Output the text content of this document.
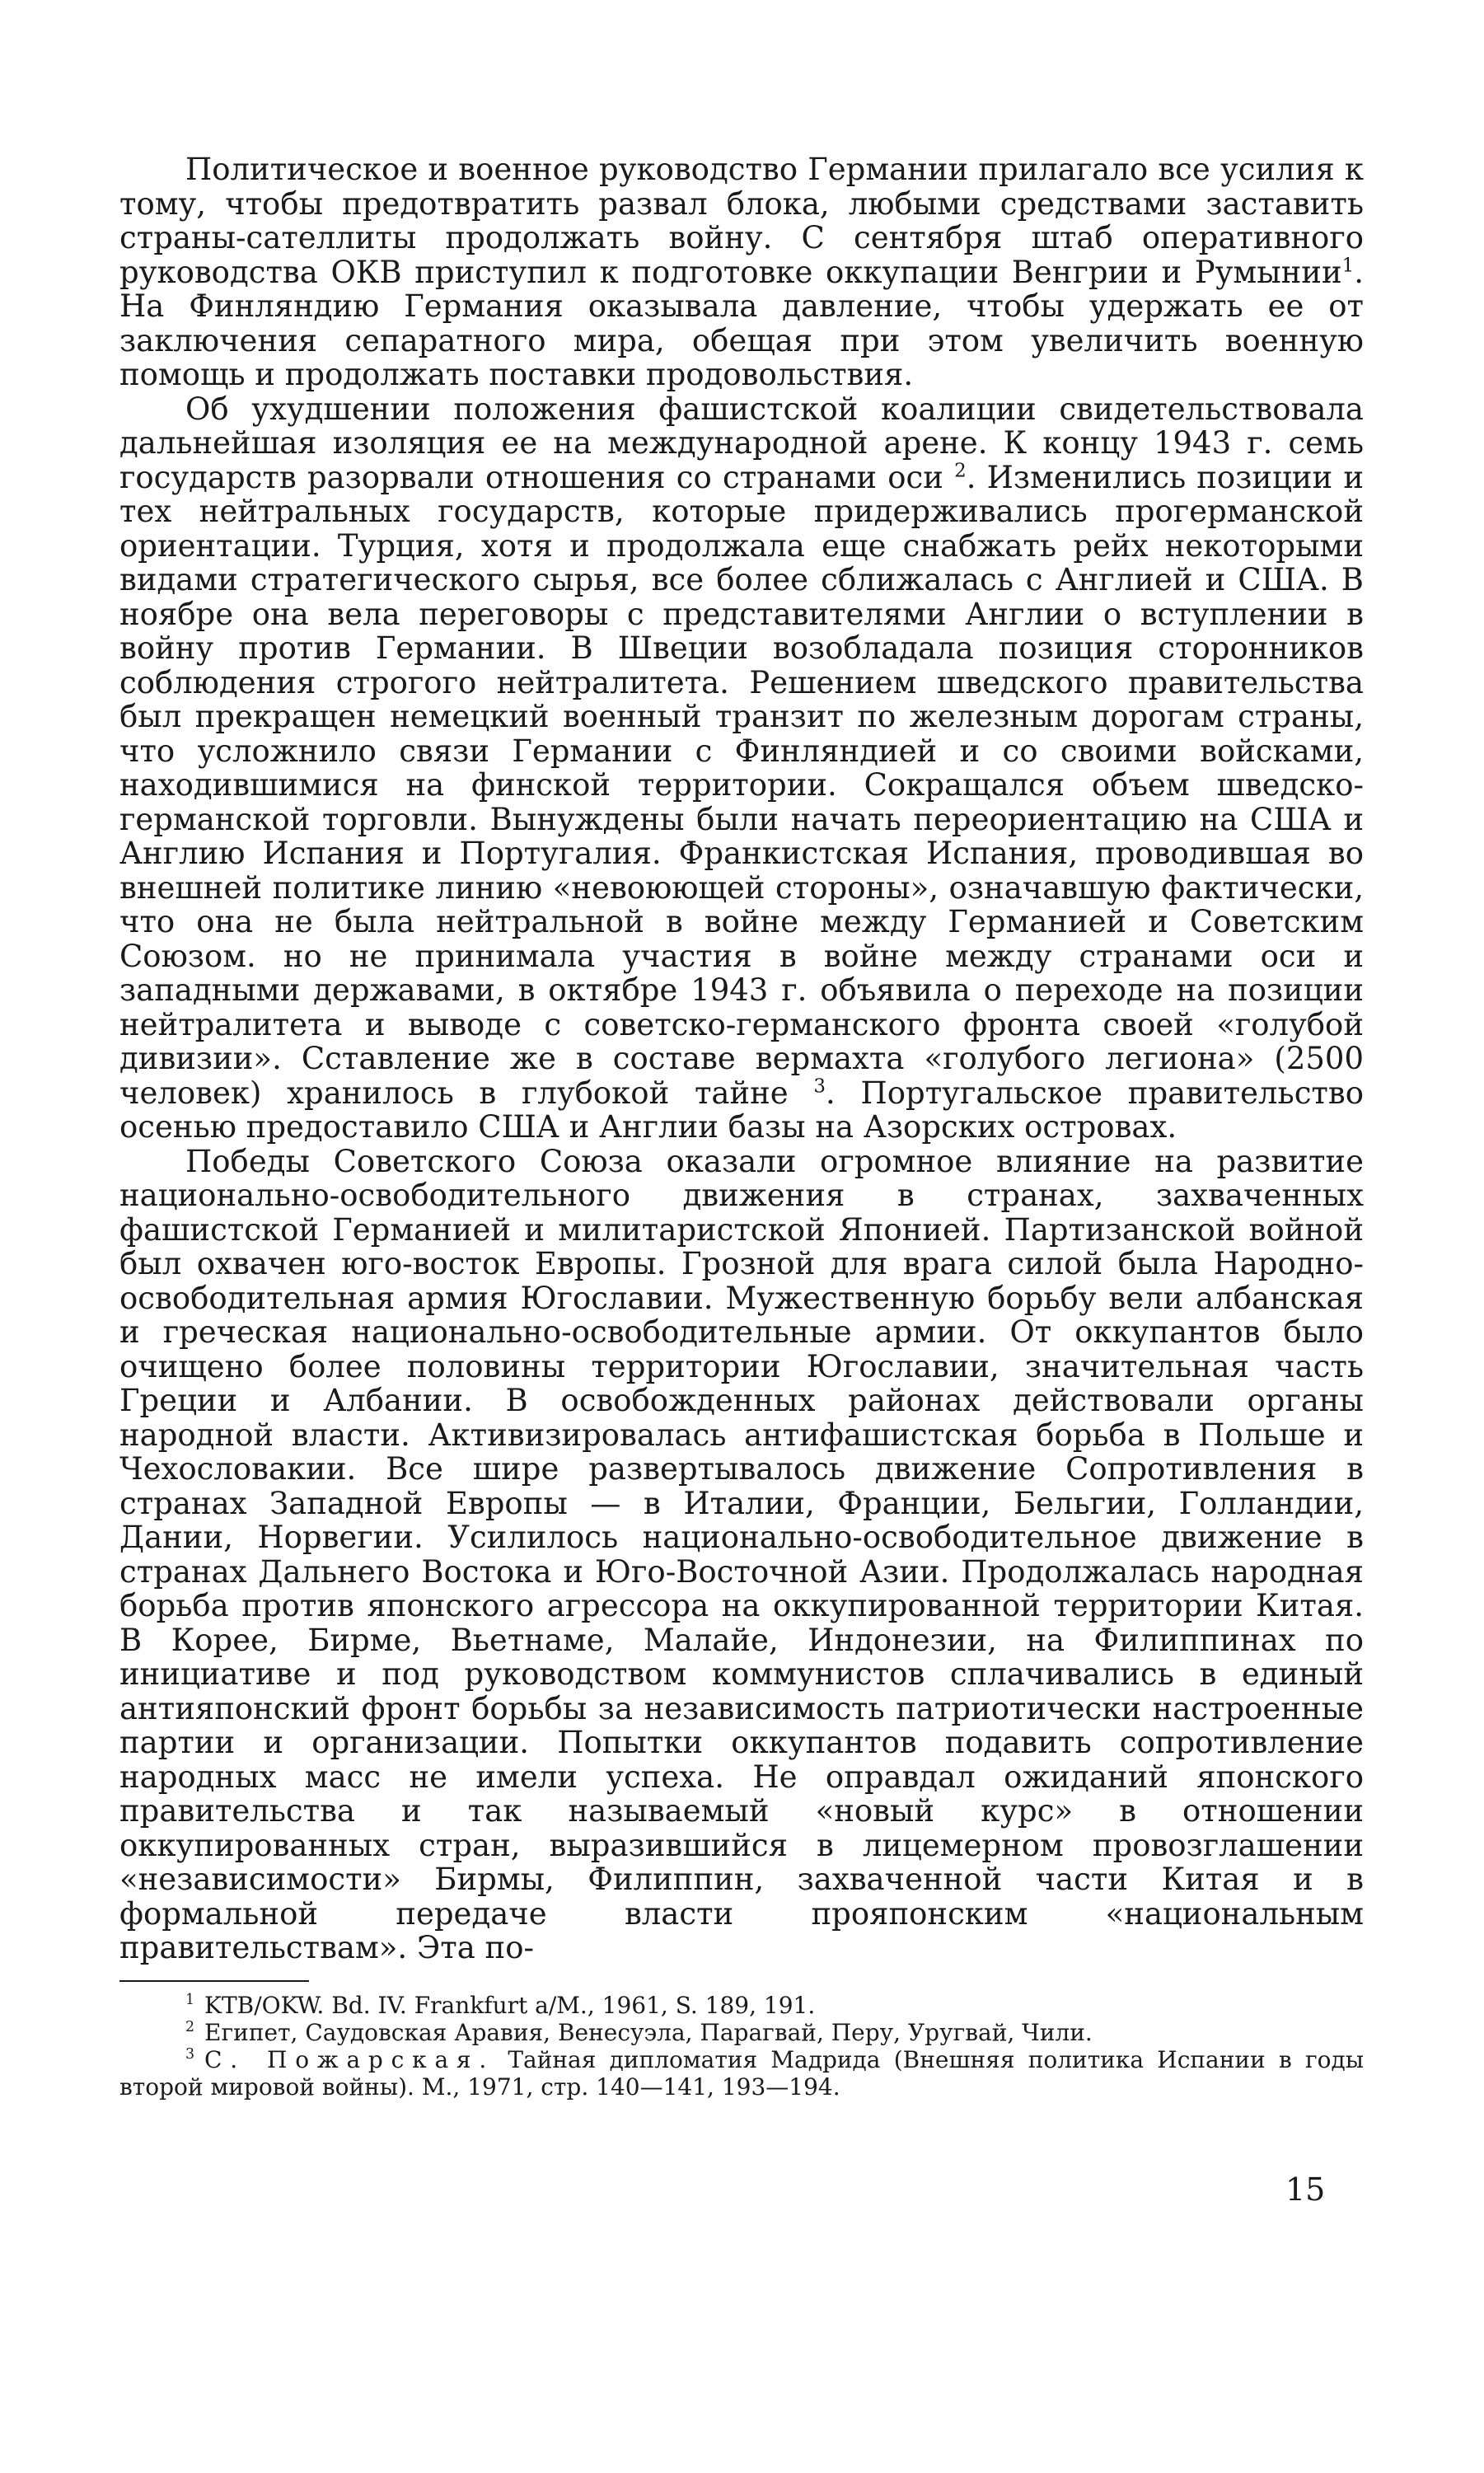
Политическое и военное руководство Германии прилагало все усилия к тому, чтобы предотвратить развал блока, любыми средствами заставить страны-сателлиты продолжать войну. С сентября штаб оперативного руководства ОКВ приступил к подготовке оккупации Венгрии и Румынии$^1$. На Финляндию Германия оказывала давление, чтобы удержать ее от заключения сепаратного мира, обещая при этом увеличить военную помощь и продолжать поставки продовольствия.

Об ухудшении положения фашистской коалиции свидетельствовала дальнейшая изоляция ее на международной арене. К концу 1943 г. семь государств разорвали отношения со странами оси $^2$. Изменились позиции и тех нейтральных государств, которые придерживались прогерманской ориентации. Турция, хотя и продолжала еще снабжать рейх некоторыми видами стратегического сырья, все более сближалась с Англией и США. В ноябре она вела переговоры с представителями Англии о вступлении в войну против Германии. В Швеции возобладала позиция сторонников соблюдения строгого нейтралитета. Решением шведского правительства был прекращен немецкий военный транзит по железным дорогам страны, что усложнило связи Германии с Финляндией и со своими войсками, находившимися на финской территории. Сокращался объем шведско-германской торговли. Вынуждены были начать переориентацию на США и Англию Испания и Португалия. Франкистская Испания, проводившая во внешней политике линию «невоюющей стороны», означавшую фактически, что она не была нейтральной в войне между Германией и Советским Союзом. но не принимала участия в войне между странами оси и западными державами, в октябре 1943 г. объявила о переходе на позиции нейтралитета и выводе с советско-германского фронта своей «голубой дивизии». Сставление же в составе вермахта «голубого легиона» (2500 человек) хранилось в глубокой тайне $^3$. Португальское правительство осенью предоставило США и Англии базы на Азорских островах.

Победы Советского Союза оказали огромное влияние на развитие национально-освободительного движения в странах, захваченных фашистской Германией и милитаристской Японией. Партизанской войной был охвачен юго-восток Европы. Грозной для врага силой была Народно-освободительная армия Югославии. Мужественную борьбу вели албанская и греческая национально-освободительные армии. От оккупантов было очищено более половины территории Югославии, значительная часть Греции и Албании. В освобожденных районах действовали органы народной власти. Активизировалась антифашистская борьба в Польше и Чехословакии. Все шире развертывалось движение Сопротивления в странах Западной Европы — в Италии, Франции, Бельгии, Голландии, Дании, Норвегии. Усилилось национально-освободительное движение в странах Дальнего Востока и Юго-Восточной Азии. Продолжалась народная борьба против японского агрессора на оккупированной территории Китая. В Корее, Бирме, Вьетнаме, Малайе, Индонезии, на Филиппинах по инициативе и под руководством коммунистов сплачивались в единый антияпонский фронт борьбы за независимость патриотически настроенные партии и организации. Попытки оккупантов подавить сопротивление народных масс не имели успеха. Не оправдал ожиданий японского правительства и так называемый «новый курс» в отношении оккупированных стран, выразившийся в лицемерном провозглашении «независимости» Бирмы, Филиппин, захваченной части Китая и в формальной передаче власти прояпонским «национальным правительствам». Эта по-

$^1$ KTB/OKW. Bd. IV. Frankfurt a/M., 1961, S. 189, 191.

$^2$ Египет, Саудовская Аравия, Венесуэла, Парагвай, Перу, Уругвай, Чили.

$^3$ С. Пожарская. Тайная дипломатия Мадрида (Внешняя политика Испании в годы второй мировой войны). М., 1971, стр. 140—141, 193—194.

15
